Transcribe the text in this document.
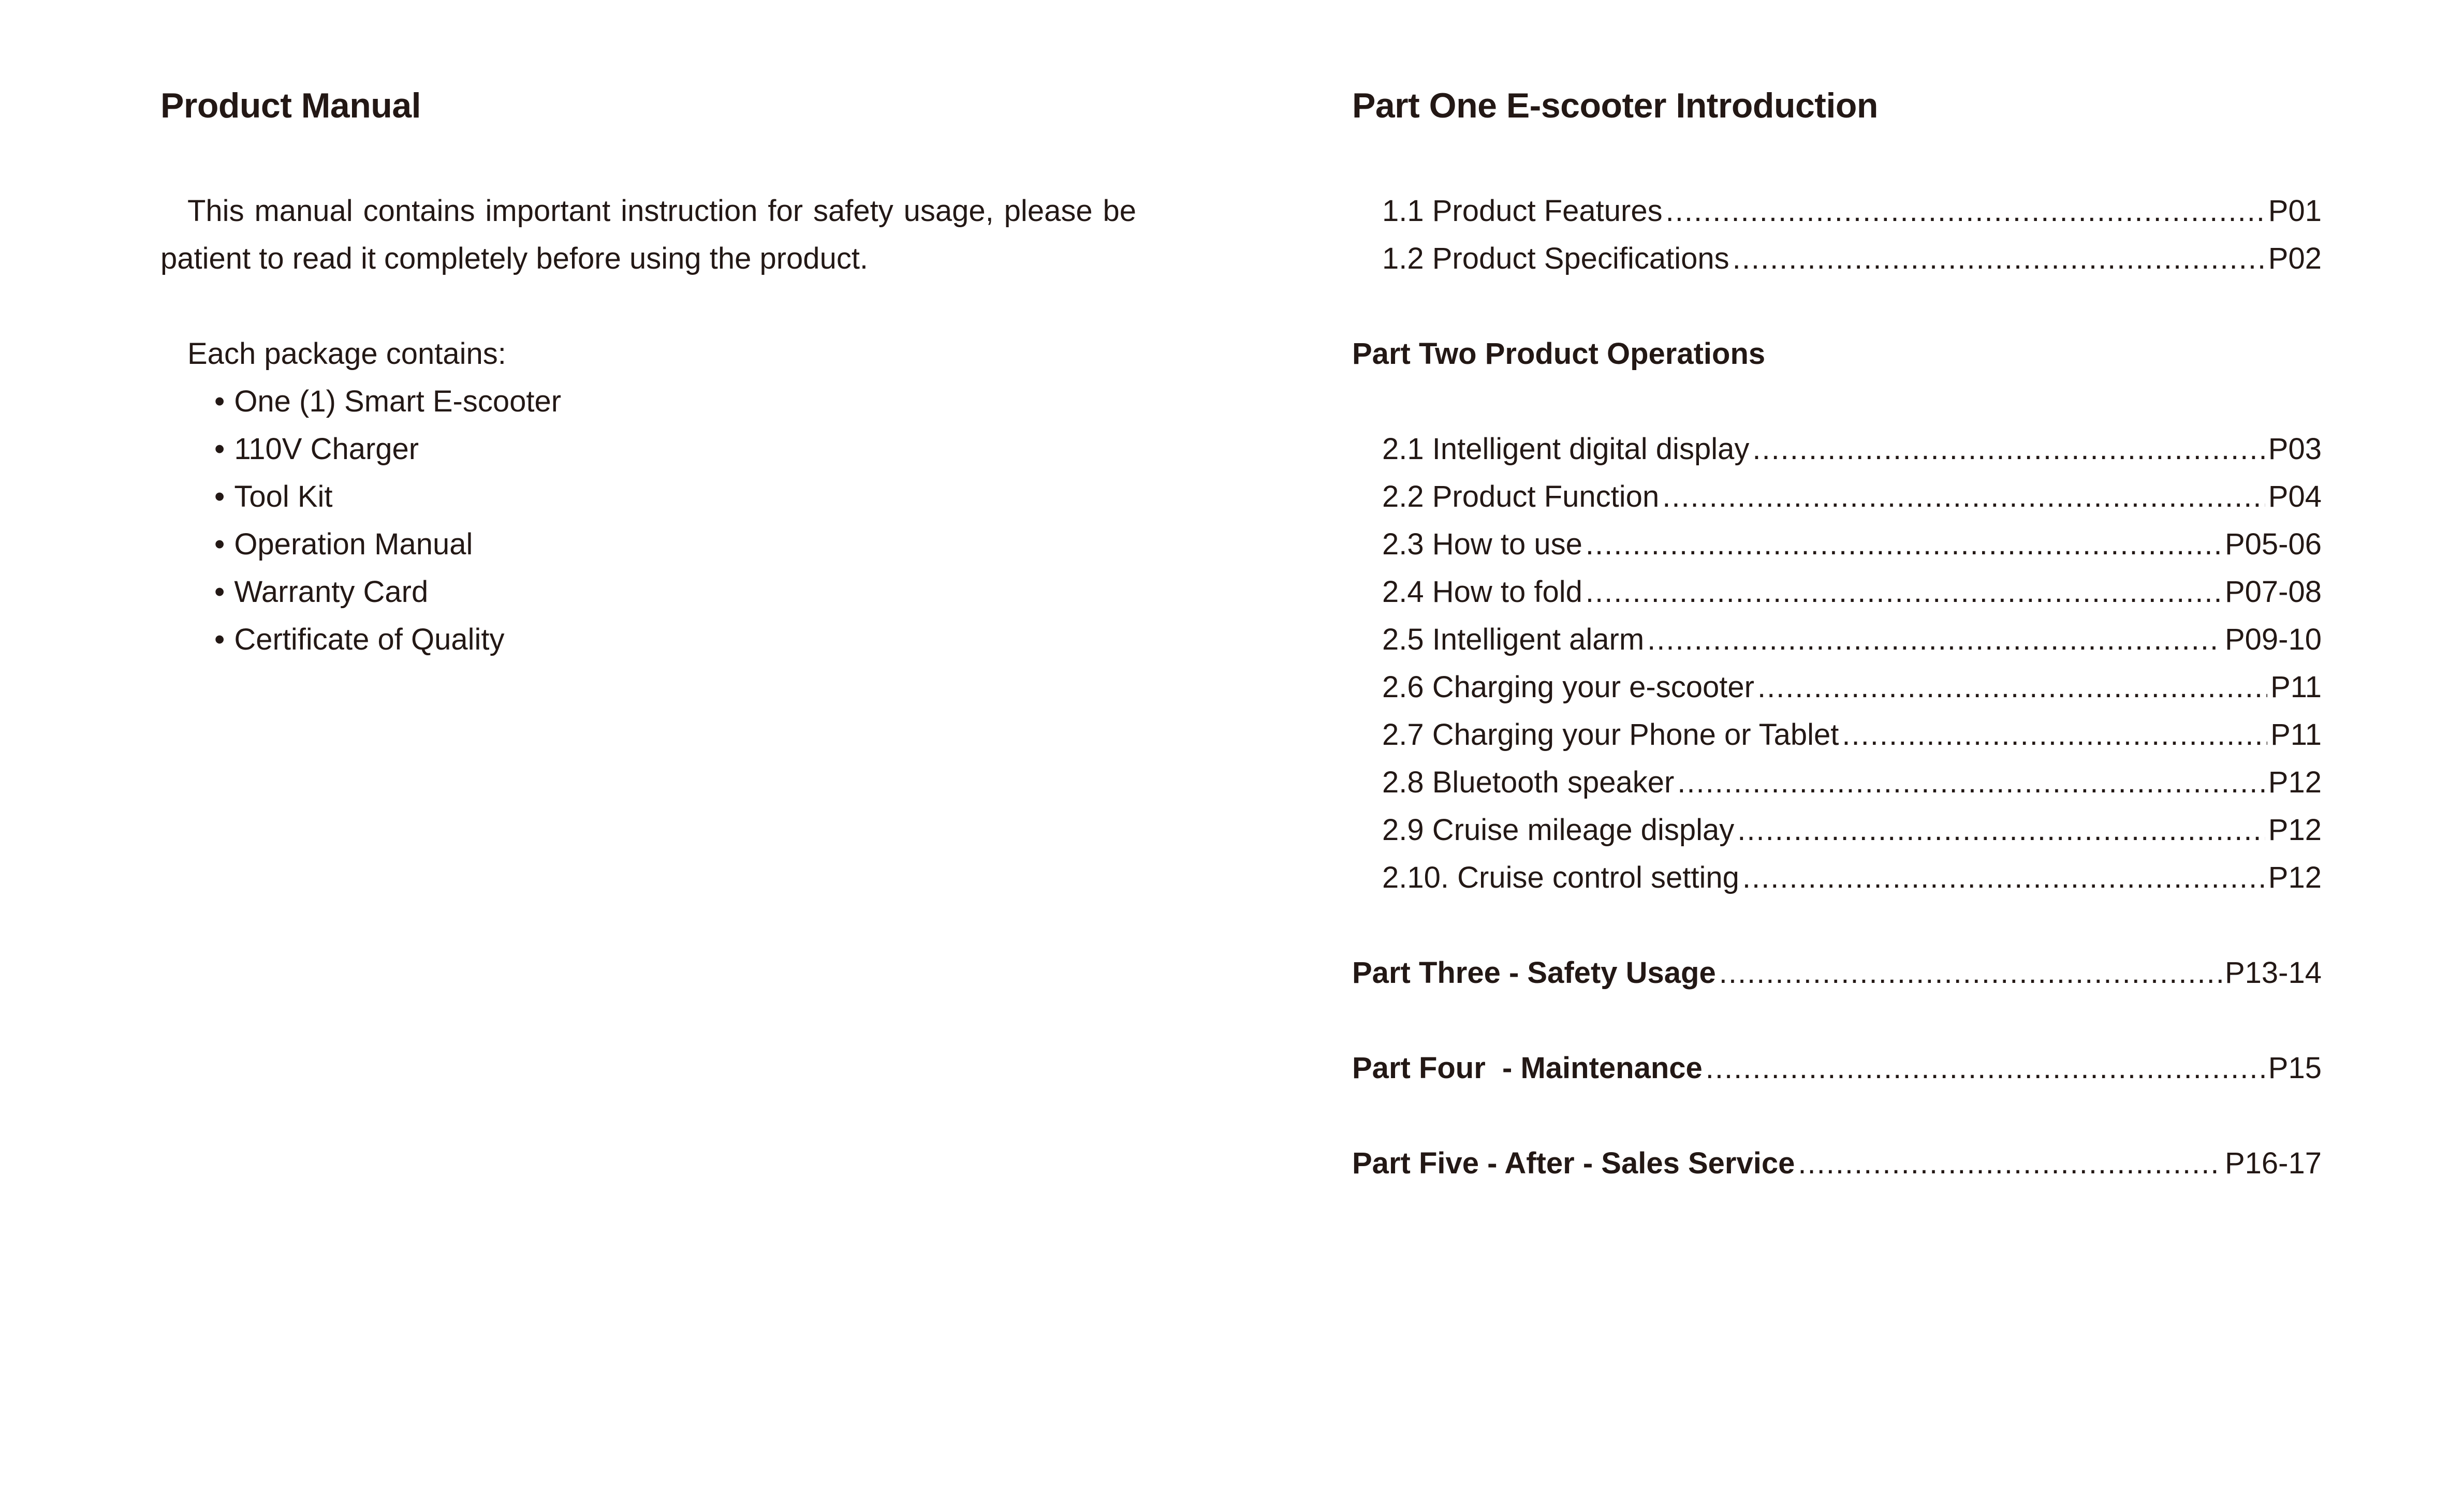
Product Manual

This manual contains important instruction for safety usage, please be patient to read it completely before using the product.

Each package contains:

• One (1) Smart E-scooter
• 110V Charger
• Tool Kit
• Operation Manual
• Warranty Card
• Certificate of Quality
Part One E-scooter Introduction
1.1 Product Features .....	P01
1.2 Product Specifications .....	P02

Part Two Product Operations

2.1 Intelligent digital display .....	P03
2.2 Product Function .....	P04
2.3 How to use .....	P05-06
2.4 How to fold .....	P07-08
2.5 Intelligent alarm .....	P09-10
2.6 Charging your e-scooter .....	P11
2.7 Charging your Phone or Tablet .....	P11
2.8 Bluetooth speaker .....	P12
2.9 Cruise mileage display .....	P12
2.10. Cruise control setting .....	P12
Part Three - Safety Usage .....	P13-14
Part Four  - Maintenance .....	P15
Part Five - After - Sales Service .....	P16-17
